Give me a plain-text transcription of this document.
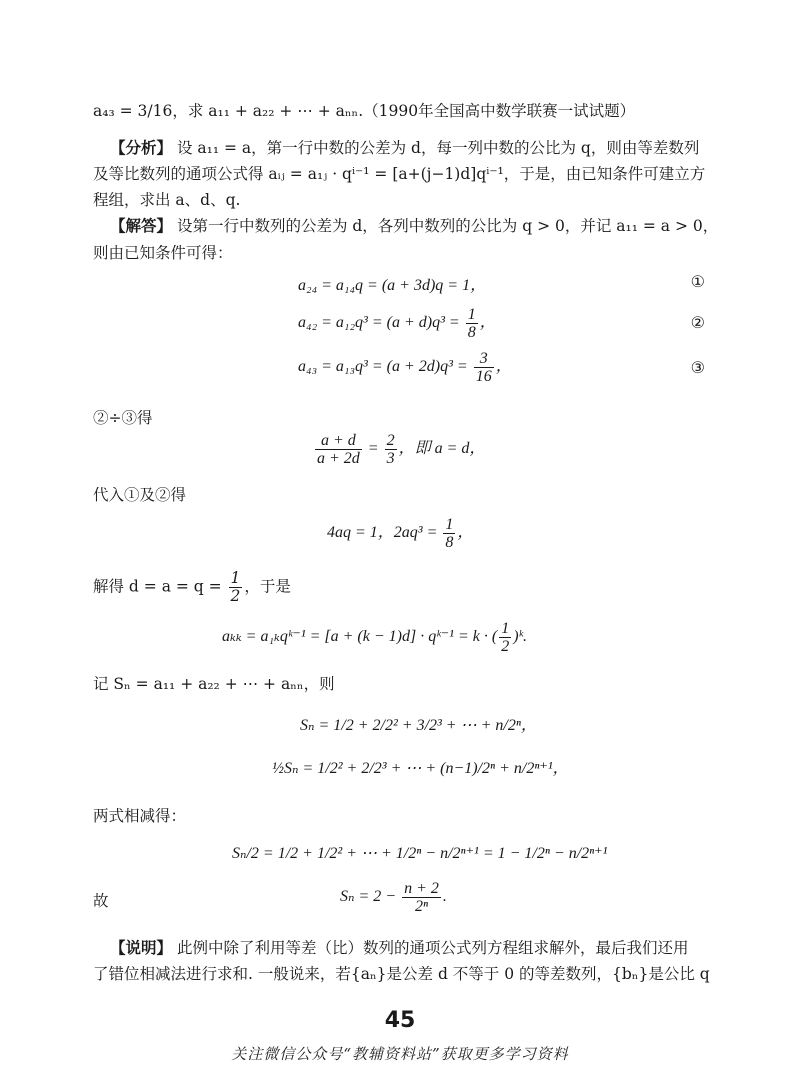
a₄₃ = 3/16，求 a₁₁ + a₂₂ + ⋯ + aₙₙ.（1990年全国高中数学联赛一试试题）
【分析】 设 a₁₁ = a，第一行中数的公差为 d，每一列中数的公比为 q，则由等差数列
及等比数列的通项公式得 aᵢⱼ = a₁ⱼ · qⁱ⁻¹ = [a+(j−1)d]qⁱ⁻¹，于是，由已知条件可建立方
程组，求出 a、d、q.
【解答】 设第一行中数列的公差为 d，各列中数列的公比为 q > 0，并记 a₁₁ = a > 0，
则由已知条件可得：
a₂₄ = a₁₄q = (a + 3d)q = 1，	①
$a_{42} = a_{12}q^3 = (a + d)q^3 = \frac{1}{8}$ ，	②
$a_{43} = a_{13}q^3 = (a + 2d)q^3 = \frac{3}{16}$ ，	③
②÷③得
$\frac{a + d}{a + 2d} = \frac{2}{3}$ ，即 a = d，
代入①及②得
4aq = 1，$2aq^3 = \frac{1}{8}$ ，
解得 $d = a = q = \frac{1}{2}$ ，于是
aₖₖ = a₁ₖqᵏ⁻¹ = [a + (k − 1)d] · qᵏ⁻¹ = k · ( $\frac{1}{2}$ )ᵏ.
记 Sₙ = a₁₁ + a₂₂ + ⋯ + aₙₙ，则
Sₙ = 1/2 + 2/2² + 3/2³ + ⋯ + n/2ⁿ，
½Sₙ = 1/2² + 2/2³ + ⋯ + (n−1)/2ⁿ + n/2ⁿ⁺¹，
两式相减得：
Sₙ/2 = 1/2 + 1/2² + ⋯ + 1/2ⁿ − n/2ⁿ⁺¹ = 1 − 1/2ⁿ − n/2ⁿ⁺¹
故	$S_n = 2 - \frac{n + 2}{\text{2ⁿ}}$ .
【说明】 此例中除了利用等差（比）数列的通项公式列方程组求解外，最后我们还用
了错位相减法进行求和. 一般说来，若{aₙ}是公差 d 不等于 0 的等差数列，{bₙ}是公比 q
45
关注微信公众号“教辅资料站”获取更多学习资料
